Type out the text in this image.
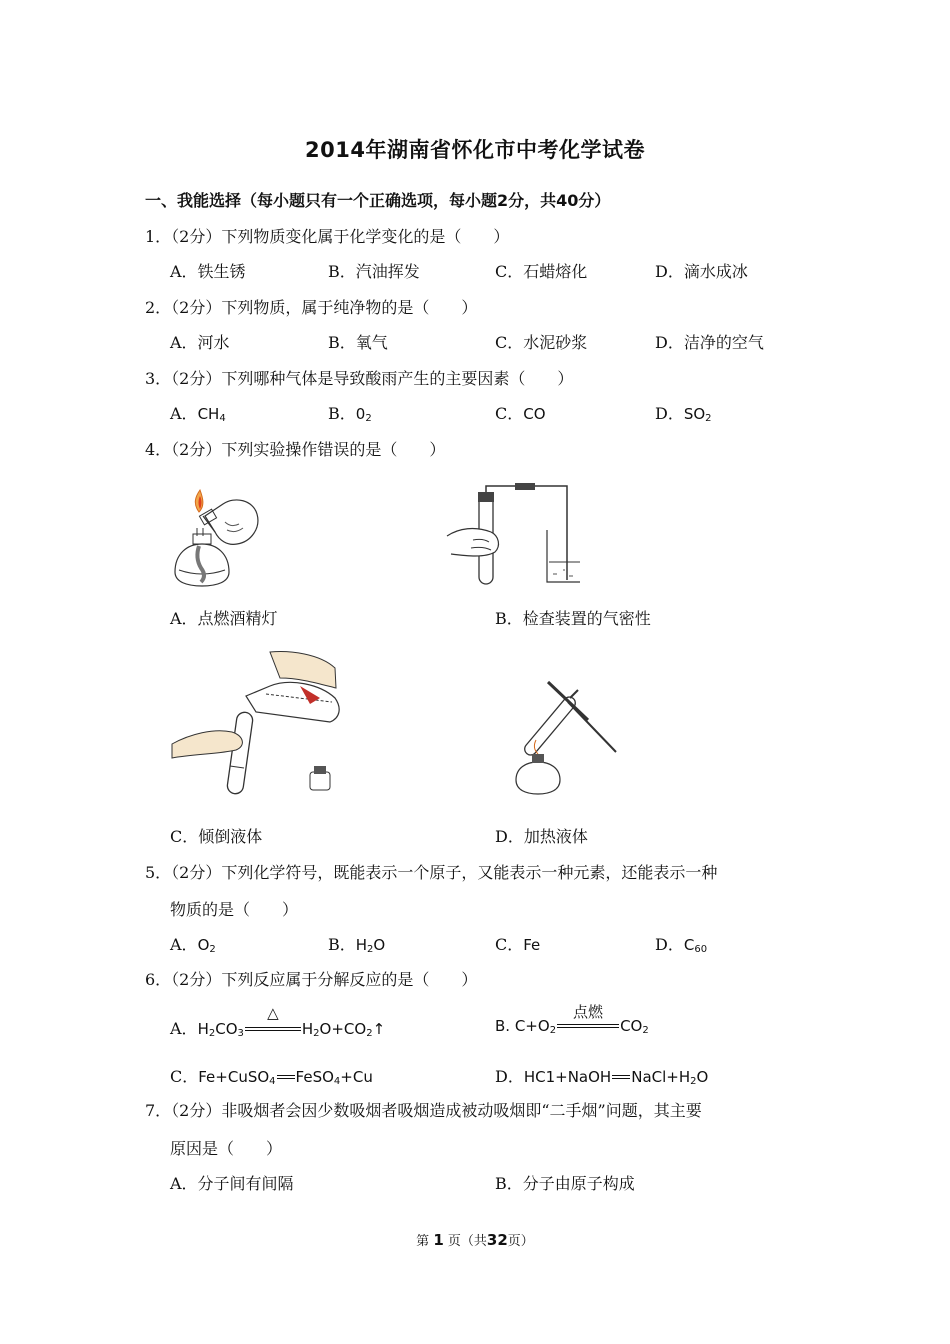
2014年湖南省怀化市中考化学试卷
一、我能选择（每小题只有一个正确选项，每小题2分，共40分）
1．（2分）下列物质变化属于化学变化的是（　　）
A．铁生锈	B．汽油挥发	C．石蜡熔化	D．滴水成冰
2．（2分）下列物质，属于纯净物的是（　　）
A．河水	B．氧气	C．水泥砂浆	D．洁净的空气
3．（2分）下列哪种气体是导致酸雨产生的主要因素（　　）
A．$CH_4$	B．$0_2$	C．CO	D．$SO_2$
4．（2分）下列实验操作错误的是（　　）
A．点燃酒精灯	B．检查装置的气密性
C．倾倒液体	D．加热液体
5．（2分）下列化学符号，既能表示一个原子，又能表示一种元素，还能表示一种
物质的是（　　）
A．$O_2$	B．$H_2O$	C．Fe	D．$C_{60}$
6．（2分）下列反应属于分解反应的是（　　）
A．$H_2CO_3$
△
$H_2O+CO_2↑$	B. $C+O_2$
点燃
$CO_2$
C．Fe+CuSO$_4$ FeSO$_4$+Cu	D．HC1+NaOH $NaCl+H_2O$
7．（2分）非吸烟者会因少数吸烟者吸烟造成被动吸烟即“二手烟”问题，其主要
原因是（　　）
A．分子间有间隔	B．分子由原子构成
第 1 页（共32页）
